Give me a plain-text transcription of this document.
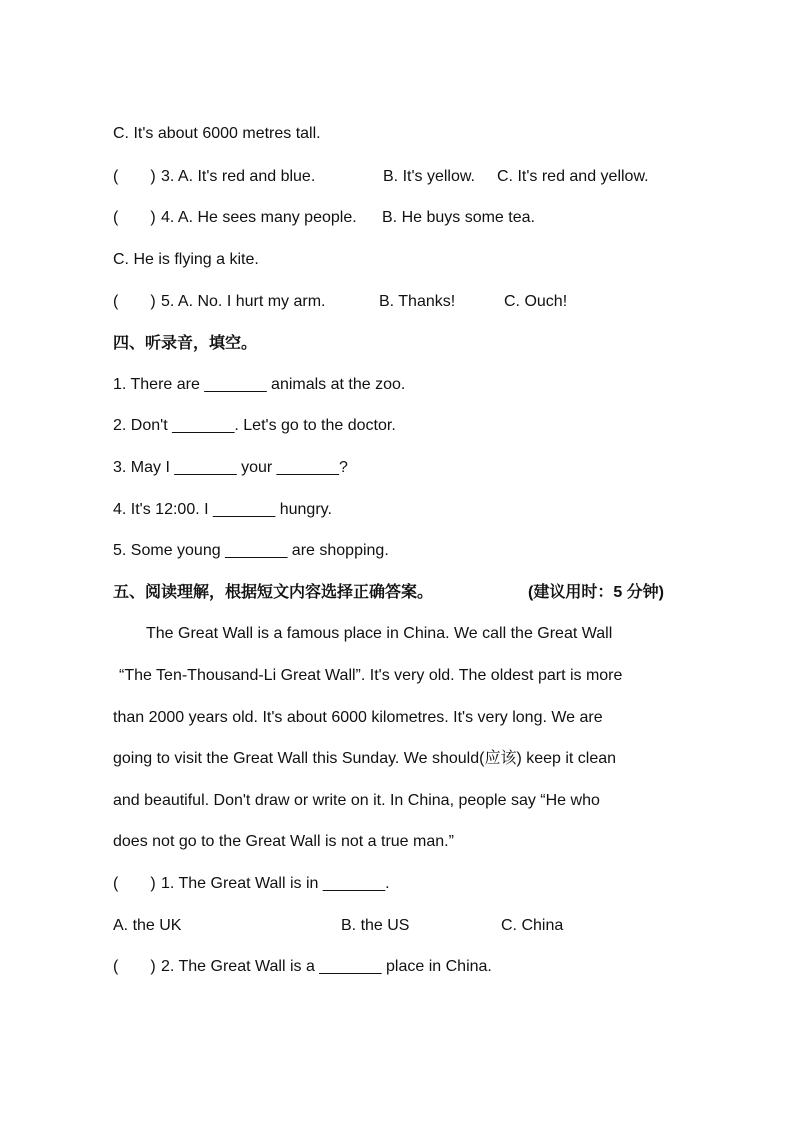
C. It's about 6000 metres tall.
(　　) 3. A. It's red and blue.	B. It's yellow. C. It's red and yellow.
(　　) 4. A. He sees many people. B. He buys some tea.
C. He is flying a kite.
(　　) 5. A. No. I hurt my arm.	B. Thanks!	C. Ouch!
四、听录音，填空。
1. There are _______ animals at the zoo.
2. Don't _______. Let's go to the doctor.
3. May I _______ your _______?
4. It's 12:00. I _______ hungry.
5. Some young _______ are shopping.
五、阅读理解，根据短文内容选择正确答案。	(建议用时：5 分钟)
The Great Wall is a famous place in China. We call the Great Wall
“The Ten-Thousand-Li Great Wall”. It's very old. The oldest part is more
than 2000 years old. It's about 6000 kilometres. It's very long. We are
going to visit the Great Wall this Sunday. We should(应该) keep it clean
and beautiful. Don't draw or write on it. In China, people say “He who
does not go to the Great Wall is not a true man.”
(　　) 1. The Great Wall is in _______.
A. the UK	B. the US	C. China
(　　) 2. The Great Wall is a _______ place in China.
